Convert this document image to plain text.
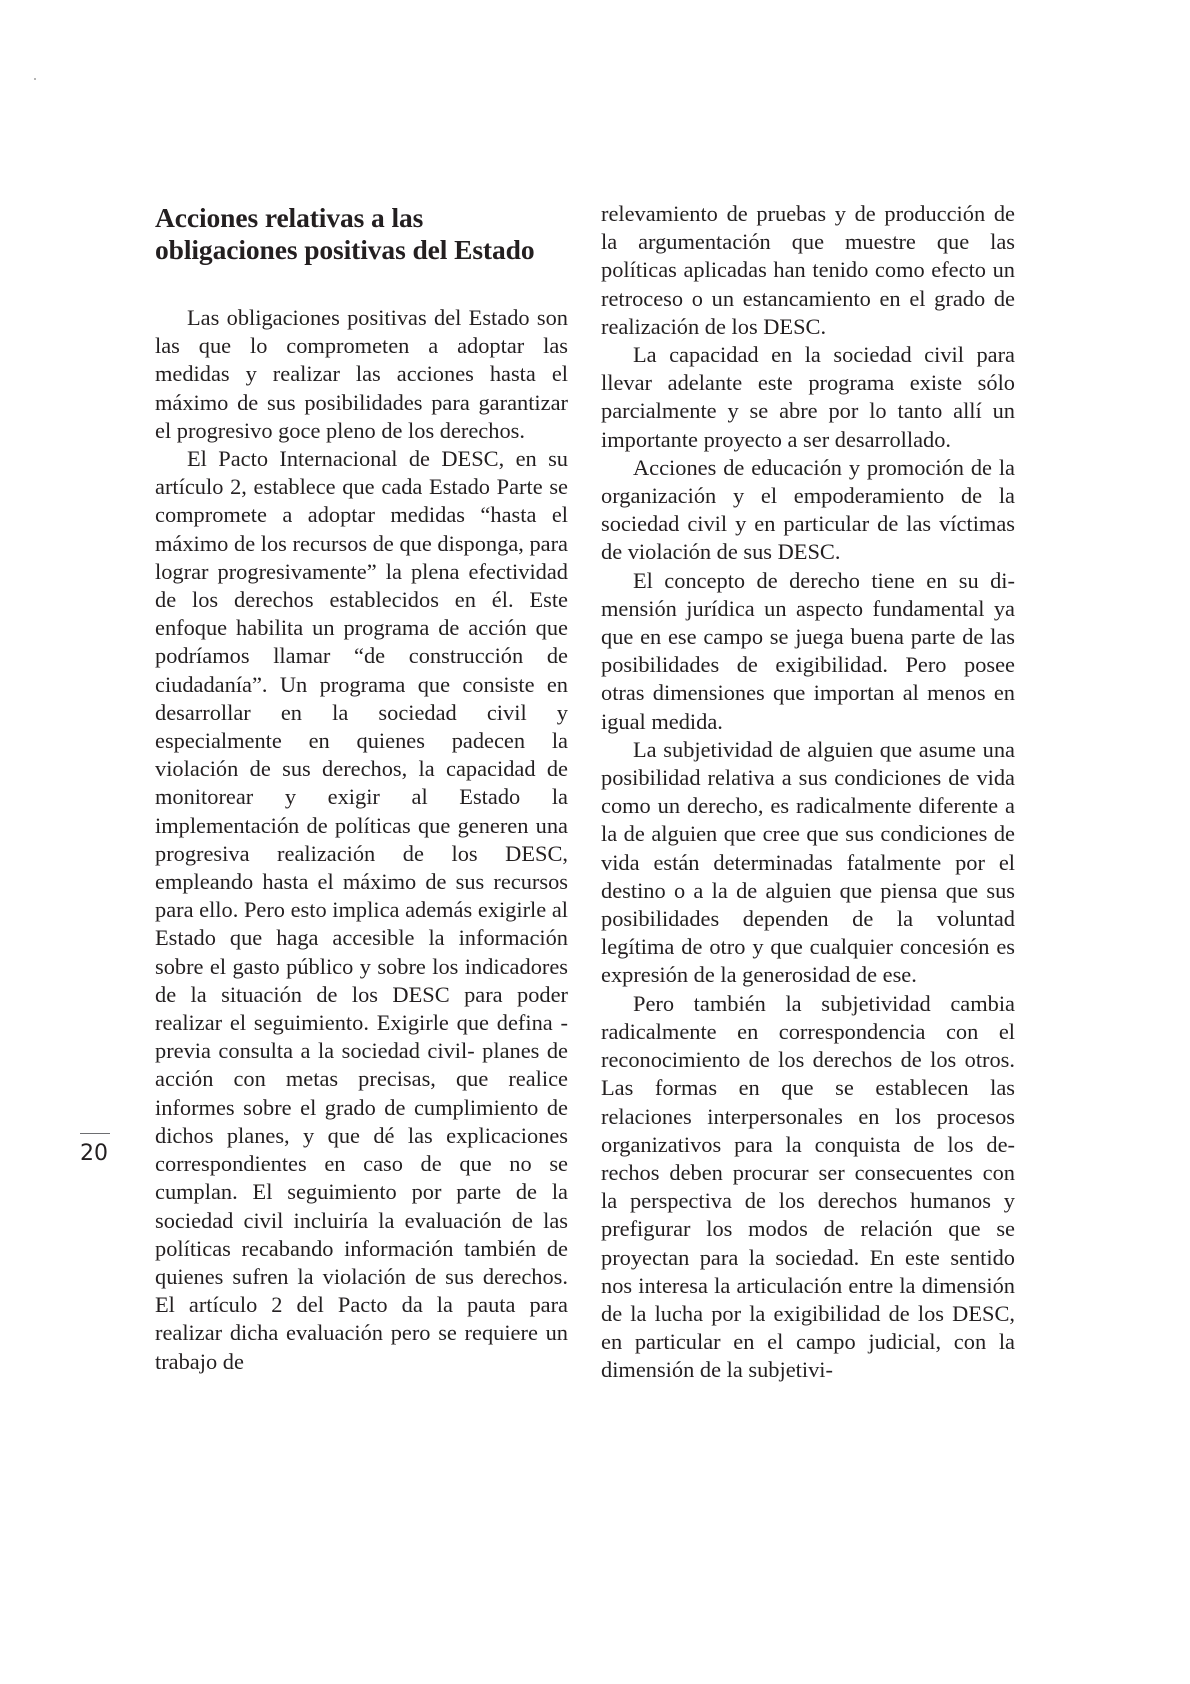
Acciones relativas a las obligaciones positivas del Estado

Las obligaciones positivas del Estado son las que lo comprometen a adoptar las medidas y realizar las acciones hasta el máximo de sus posibilidades para garantizar el progresivo goce pleno de los derechos.

El Pacto Internacional de DESC, en su artículo 2, establece que cada Estado Parte se compromete a adoptar medidas “hasta el máximo de los recursos de que disponga, para lograr progresivamente” la plena efectividad de los derechos establecidos en él. Este enfoque habilita un programa de acción que podríamos llamar “de construcción de ciudadanía”. Un programa que consiste en desarrollar en la sociedad civil y especialmente en quienes padecen la violación de sus derechos, la capacidad de monitorear y exigir al Estado la implementación de políticas que generen una progresiva realización de los DESC, empleando hasta el máximo de sus recursos para ello. Pero esto implica además exigirle al Estado que haga accesible la información sobre el gasto público y sobre los indicadores de la situación de los DESC para poder realizar el seguimiento. Exigirle que defina -previa consulta a la sociedad civil- planes de acción con metas precisas, que realice informes sobre el grado de cumplimiento de dichos planes, y que dé las explicaciones correspondientes en caso de que no se cumplan. El seguimiento por parte de la sociedad civil incluiría la evaluación de las políticas recabando información también de quienes sufren la violación de sus derechos. El artículo 2 del Pacto da la pauta para realizar dicha evaluación pero se requiere un trabajo de

relevamiento de pruebas y de producción de la argumentación que muestre que las políticas aplicadas han tenido como efecto un retroceso o un estancamiento en el grado de realización de los DESC.

La capacidad en la sociedad civil para llevar adelante este programa existe sólo parcialmente y se abre por lo tanto allí un importante proyecto a ser desarrollado.

Acciones de educación y promoción de la organización y el empoderamiento de la sociedad civil y en particular de las víctimas de violación de sus DESC.

El concepto de derecho tiene en su dimensión jurídica un aspecto fundamental ya que en ese campo se juega buena parte de las posibilidades de exigibilidad. Pero posee otras dimensiones que importan al menos en igual medida.

La subjetividad de alguien que asume una posibilidad relativa a sus condiciones de vida como un derecho, es radicalmente diferente a la de alguien que cree que sus condiciones de vida están determinadas fatalmente por el destino o a la de alguien que piensa que sus posibilidades dependen de la voluntad legítima de otro y que cualquier concesión es expresión de la generosidad de ese.

Pero también la subjetividad cambia radicalmente en correspondencia con el reconocimiento de los derechos de los otros. Las formas en que se establecen las relaciones interpersonales en los procesos organizativos para la conquista de los derechos deben procurar ser consecuentes con la perspectiva de los derechos humanos y prefigurar los modos de relación que se proyectan para la sociedad. En este sentido nos interesa la articulación entre la dimensión de la lucha por la exigibilidad de los DESC, en particular en el campo judicial, con la dimensión de la subjetivi-

20
